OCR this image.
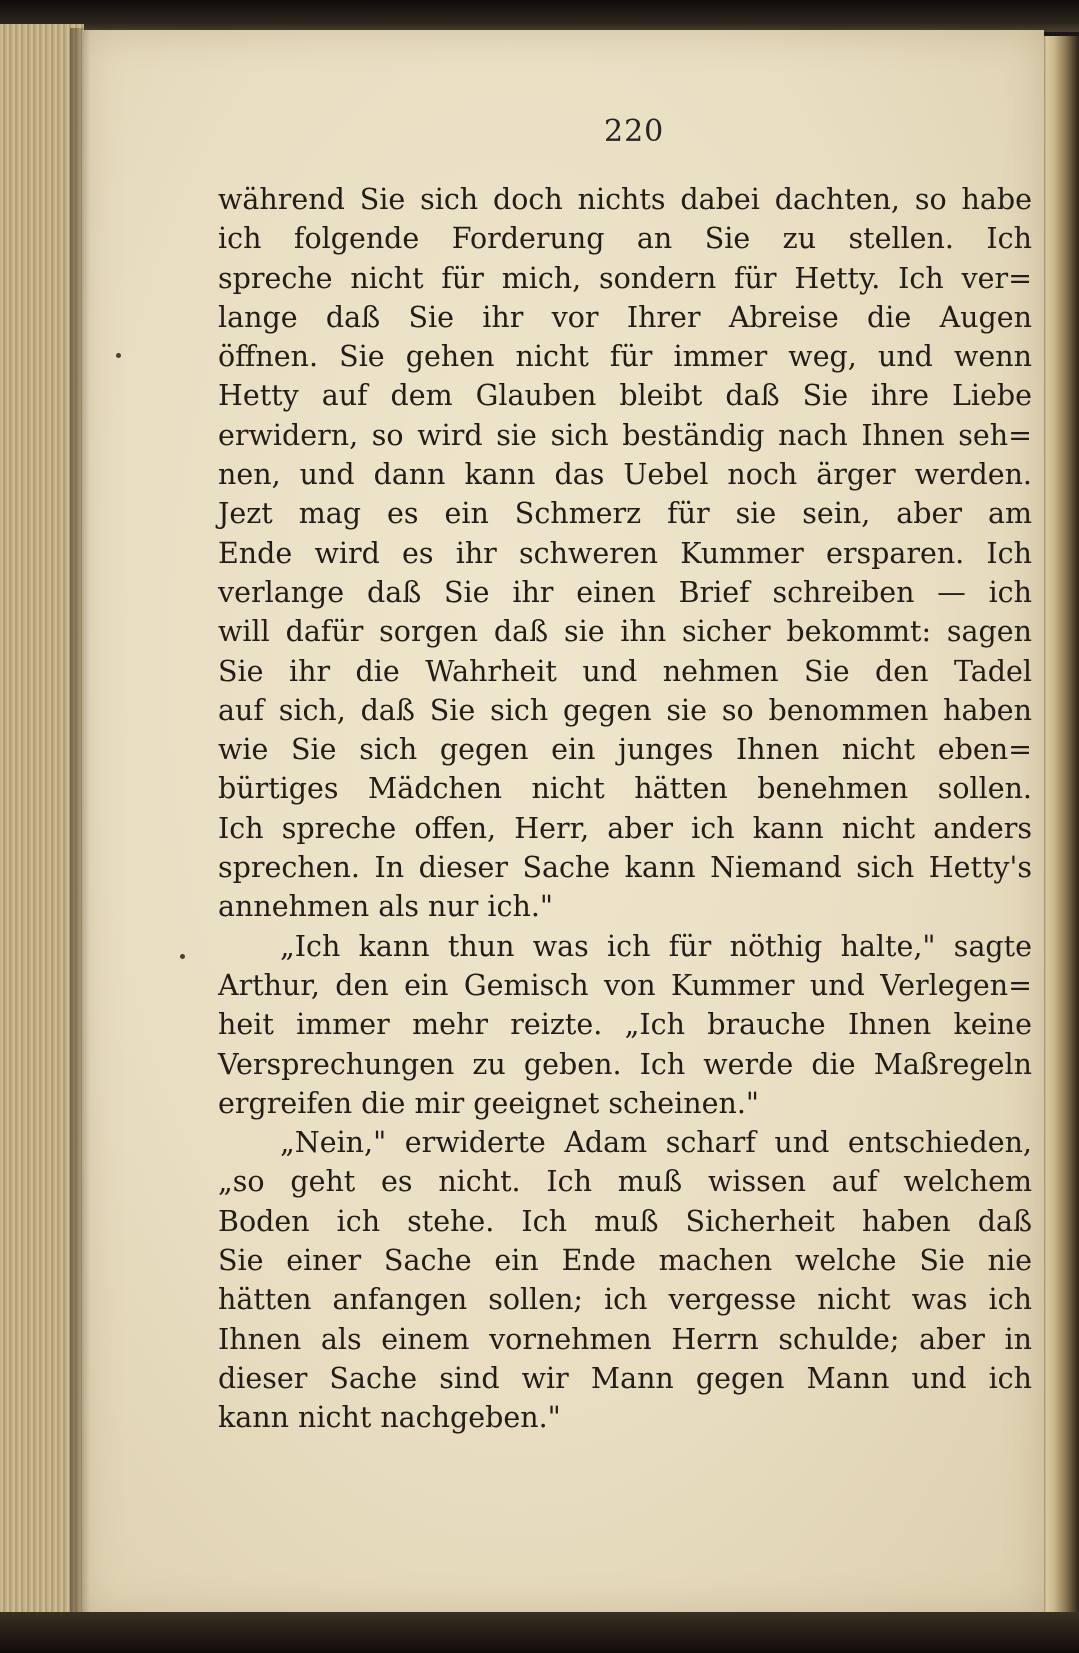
220
während Sie sich doch nichts dabei dachten, so habe
ich folgende Forderung an Sie zu stellen. Ich
spreche nicht für mich, sondern für Hetty. Ich ver=
lange daß Sie ihr vor Ihrer Abreise die Augen
öffnen. Sie gehen nicht für immer weg, und wenn
Hetty auf dem Glauben bleibt daß Sie ihre Liebe
erwidern, so wird sie sich beständig nach Ihnen seh=
nen, und dann kann das Uebel noch ärger werden.
Jezt mag es ein Schmerz für sie sein, aber am
Ende wird es ihr schweren Kummer ersparen. Ich
verlange daß Sie ihr einen Brief schreiben — ich
will dafür sorgen daß sie ihn sicher bekommt: sagen
Sie ihr die Wahrheit und nehmen Sie den Tadel
auf sich, daß Sie sich gegen sie so benommen haben
wie Sie sich gegen ein junges Ihnen nicht eben=
bürtiges Mädchen nicht hätten benehmen sollen.
Ich spreche offen, Herr, aber ich kann nicht anders
sprechen. In dieser Sache kann Niemand sich Hetty's
annehmen als nur ich."
„Ich kann thun was ich für nöthig halte," sagte
Arthur, den ein Gemisch von Kummer und Verlegen=
heit immer mehr reizte. „Ich brauche Ihnen keine
Versprechungen zu geben. Ich werde die Maßregeln
ergreifen die mir geeignet scheinen."
„Nein," erwiderte Adam scharf und entschieden,
„so geht es nicht. Ich muß wissen auf welchem
Boden ich stehe. Ich muß Sicherheit haben daß
Sie einer Sache ein Ende machen welche Sie nie
hätten anfangen sollen; ich vergesse nicht was ich
Ihnen als einem vornehmen Herrn schulde; aber in
dieser Sache sind wir Mann gegen Mann und ich
kann nicht nachgeben."
